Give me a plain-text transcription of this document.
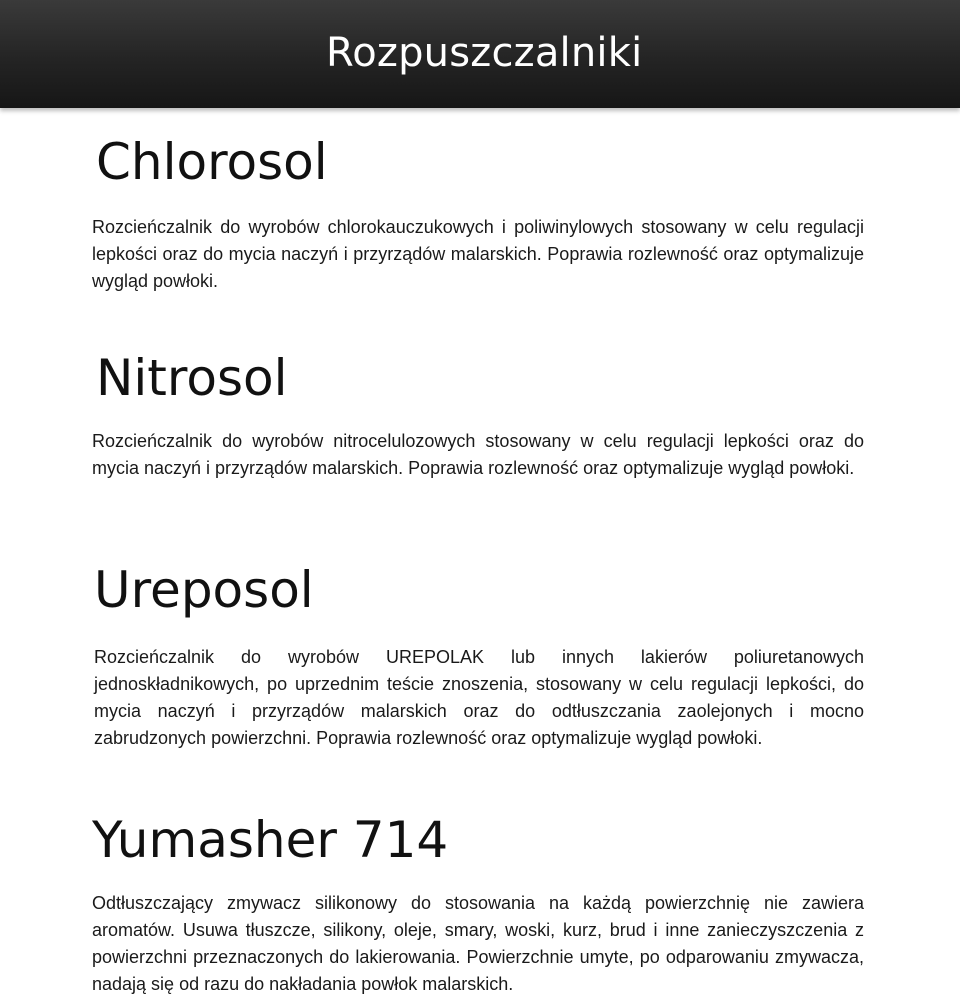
Rozpuszczalniki
Chlorosol

Rozcieńczalnik do wyrobów chlorokauczukowych i poliwinylowych stosowany w celu regulacji lepkości oraz do mycia naczyń i przyrządów malarskich. Poprawia rozlewność oraz optymalizuje wygląd powłoki.

Nitrosol

Rozcieńczalnik do wyrobów nitrocelulozowych stosowany w celu regulacji lepkości oraz do mycia naczyń i przyrządów malarskich. Poprawia rozlewność oraz optymalizuje wygląd powłoki.

Ureposol

Rozcieńczalnik do wyrobów UREPOLAK lub innych lakierów poliuretanowych jednoskładnikowych, po uprzednim teście znoszenia, stosowany w celu regulacji lepkości, do mycia naczyń i przyrządów malarskich oraz do odtłuszczania zaolejonych i mocno zabrudzonych powierzchni. Poprawia rozlewność oraz optymalizuje wygląd powłoki.

Yumasher 714

Odtłuszczający zmywacz silikonowy do stosowania na każdą powierzchnię nie zawiera aromatów. Usuwa tłuszcze, silikony, oleje, smary, woski, kurz, brud i inne zanieczyszczenia z powierzchni przeznaczonych do lakierowania. Powierzchnie umyte, po odparowaniu zmywacza, nadają się od razu do nakładania powłok malarskich.
